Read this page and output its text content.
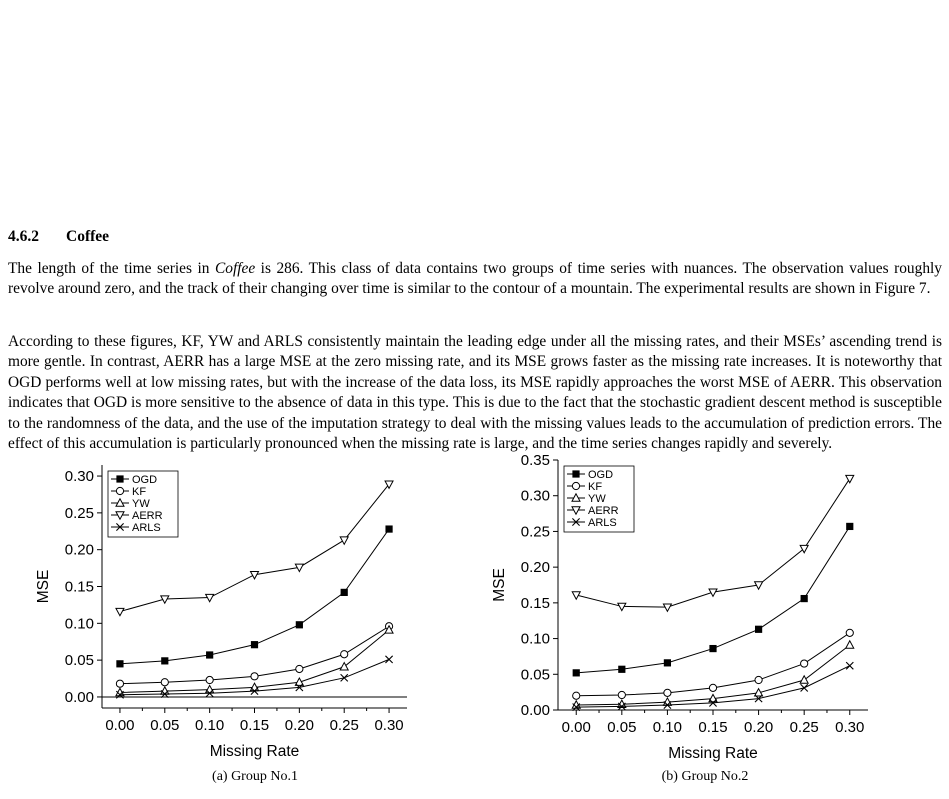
4.6.2 Coffee

The length of the time series in Coffee is 286. This class of data contains two groups of time series with nuances. The observation values roughly revolve around zero, and the track of their changing over time is similar to the contour of a mountain. The experimental results are shown in Figure 7.

According to these figures, KF, YW and ARLS consistently maintain the leading edge under all the missing rates, and their MSEs’ ascending trend is more gentle. In contrast, AERR has a large MSE at the zero missing rate, and its MSE grows faster as the missing rate increases. It is noteworthy that OGD performs well at low missing rates, but with the increase of the data loss, its MSE rapidly approaches the worst MSE of AERR. This observation indicates that OGD is more sensitive to the absence of data in this type. This is due to the fact that the stochastic gradient descent method is susceptible to the randomness of the data, and the use of the imputation strategy to deal with the missing values leads to the accumulation of prediction errors. The effect of this accumulation is particularly pronounced when the missing rate is large, and the time series changes rapidly and severely.

0.00
0.05
0.10
0.15
0.20
0.25
0.30
0.00 0.05 0.10 0.15 0.20 0.25 0.30
Missing Rate
MSE
OGD
KF
YW
AERR
ARLS
0.00
0.05
0.10
0.15
0.20
0.25
0.30
0.35
0.00 0.05 0.10 0.15 0.20 0.25 0.30
Missing Rate
MSE
OGD
KF
YW
AERR
ARLS
(a) Group No.1	(b) Group No.2
